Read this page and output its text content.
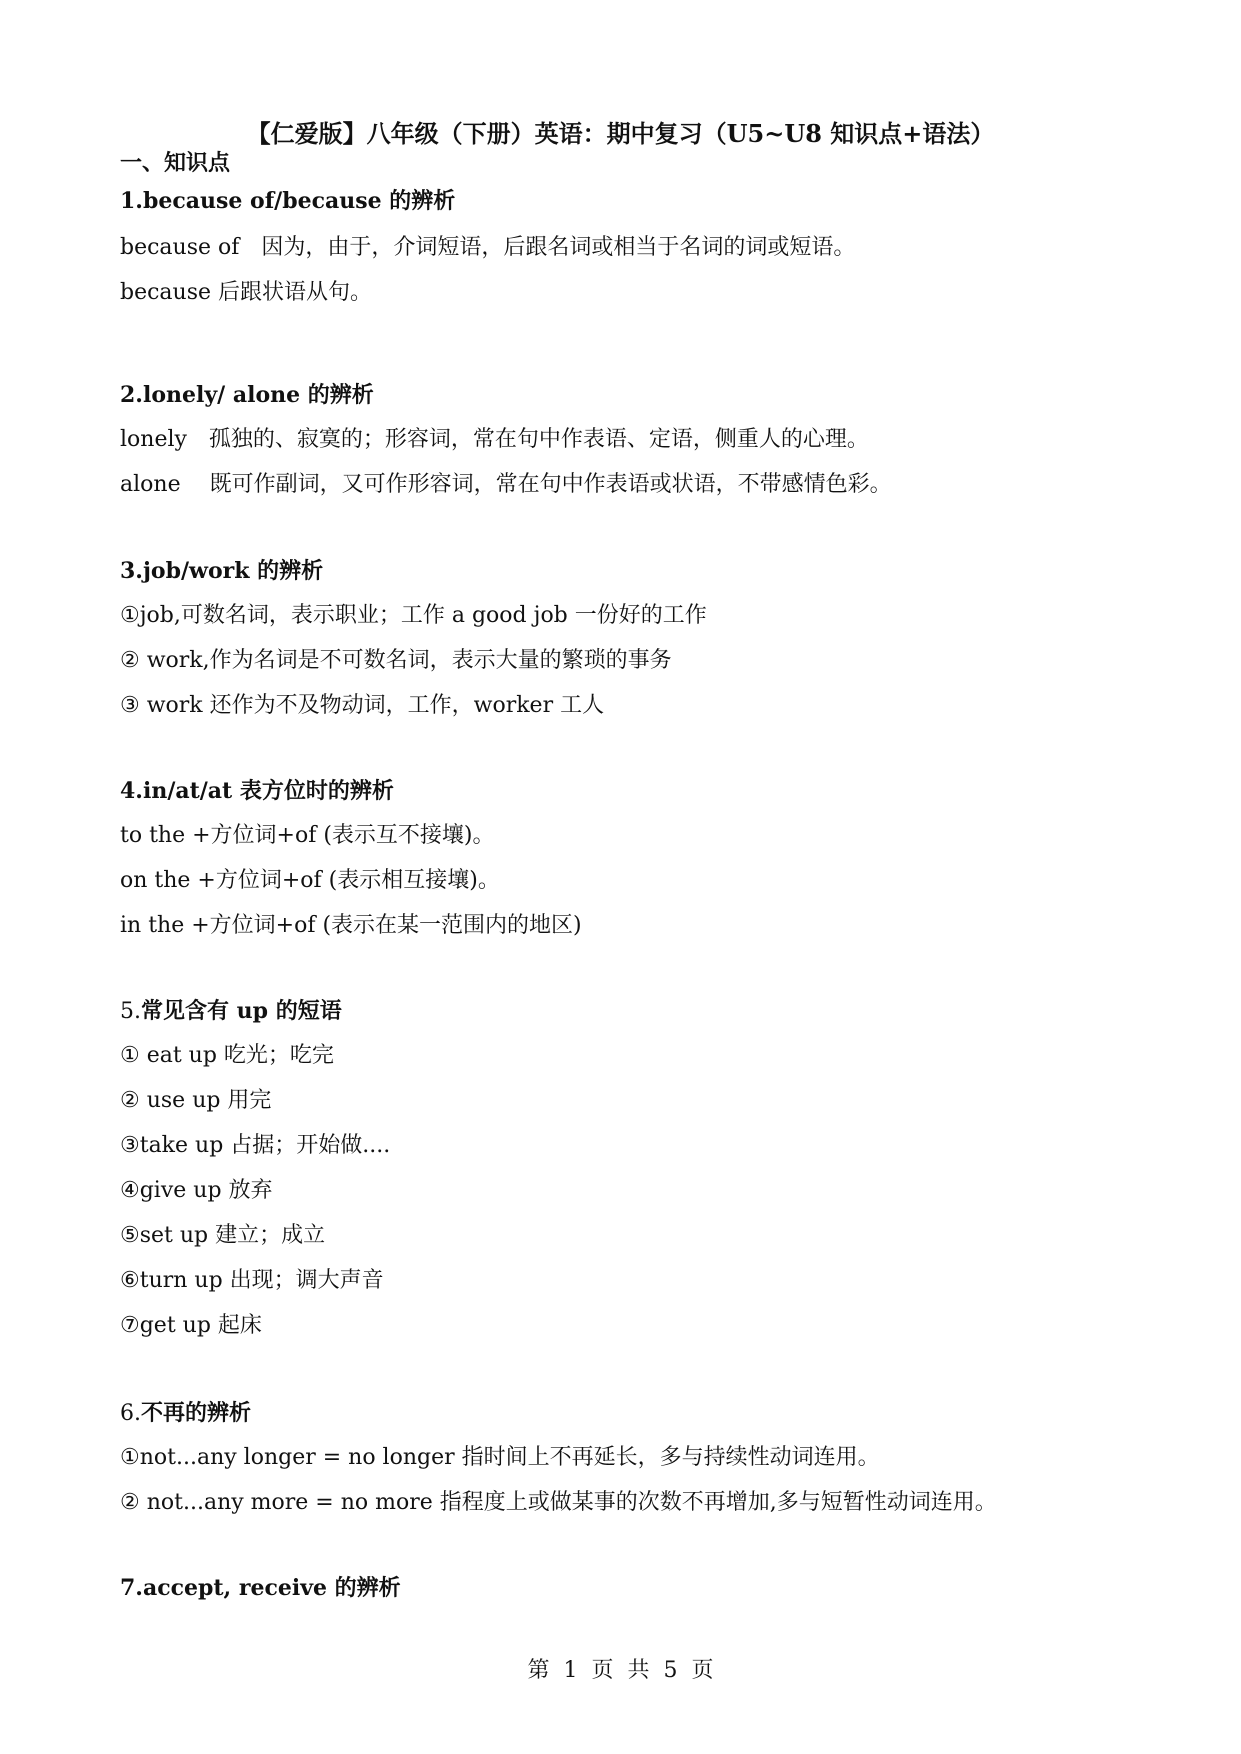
【仁爱版】八年级（下册）英语：期中复习（U5~U8 知识点+语法）
一、知识点
1.because of/because 的辨析
because of　因为，由于，介词短语，后跟名词或相当于名词的词或短语。
because 后跟状语从句。
2.lonely/ alone 的辨析
lonely　孤独的、寂寞的；形容词，常在句中作表语、定语，侧重人的心理。
alone　 既可作副词，又可作形容词，常在句中作表语或状语，不带感情色彩。
3.job/work 的辨析
①job,可数名词，表示职业；工作 a good job 一份好的工作
② work,作为名词是不可数名词，表示大量的繁琐的事务
③ work 还作为不及物动词，工作，worker 工人
4.in/at/at 表方位时的辨析
to the +方位词+of (表示互不接壤)。
on the +方位词+of (表示相互接壤)。
in the +方位词+of (表示在某一范围内的地区)
5.常见含有 up 的短语
① eat up 吃光；吃完
② use up 用完
③take up 占据；开始做....
④give up 放弃
⑤set up 建立；成立
⑥turn up 出现；调大声音
⑦get up 起床
6.不再的辨析
①not...any longer = no longer 指时间上不再延长，多与持续性动词连用。
② not...any more = no more 指程度上或做某事的次数不再增加,多与短暂性动词连用。
7.accept, receive 的辨析
第 1 页 共 5 页
